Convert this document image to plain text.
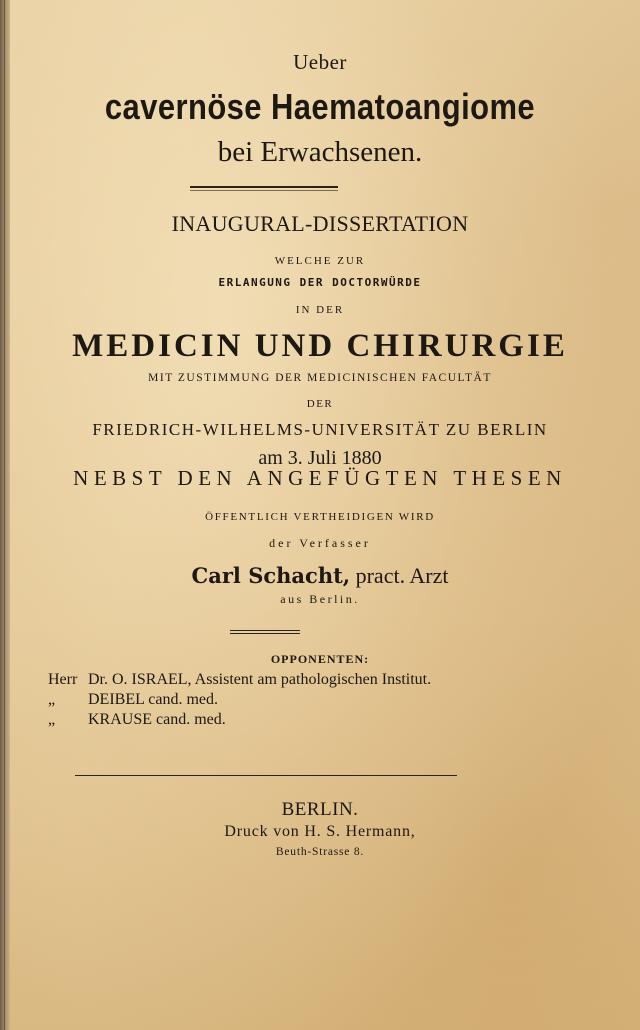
Ueber
cavernöse Haematoangiome
bei Erwachsenen.
INAUGURAL-DISSERTATION
WELCHE ZUR
ERLANGUNG DER DOCTORWÜRDE
IN DER
MEDICIN UND CHIRURGIE
MIT ZUSTIMMUNG DER MEDICINISCHEN FACULTÄT
DER
FRIEDRICH-WILHELMS-UNIVERSITÄT ZU BERLIN
am 3. Juli 1880
NEBST DEN ANGEFÜGTEN THESEN
ÖFFENTLICH VERTHEIDIGEN WIRD
der Verfasser
Carl Schacht, pract. Arzt
aus Berlin.
OPPONENTEN:
Herr Dr. O. ISRAEL, Assistent am pathologischen Institut.
„ DEIBEL cand. med.
„ KRAUSE cand. med.
BERLIN.
Druck von H. S. Hermann,
Beuth-Strasse 8.
